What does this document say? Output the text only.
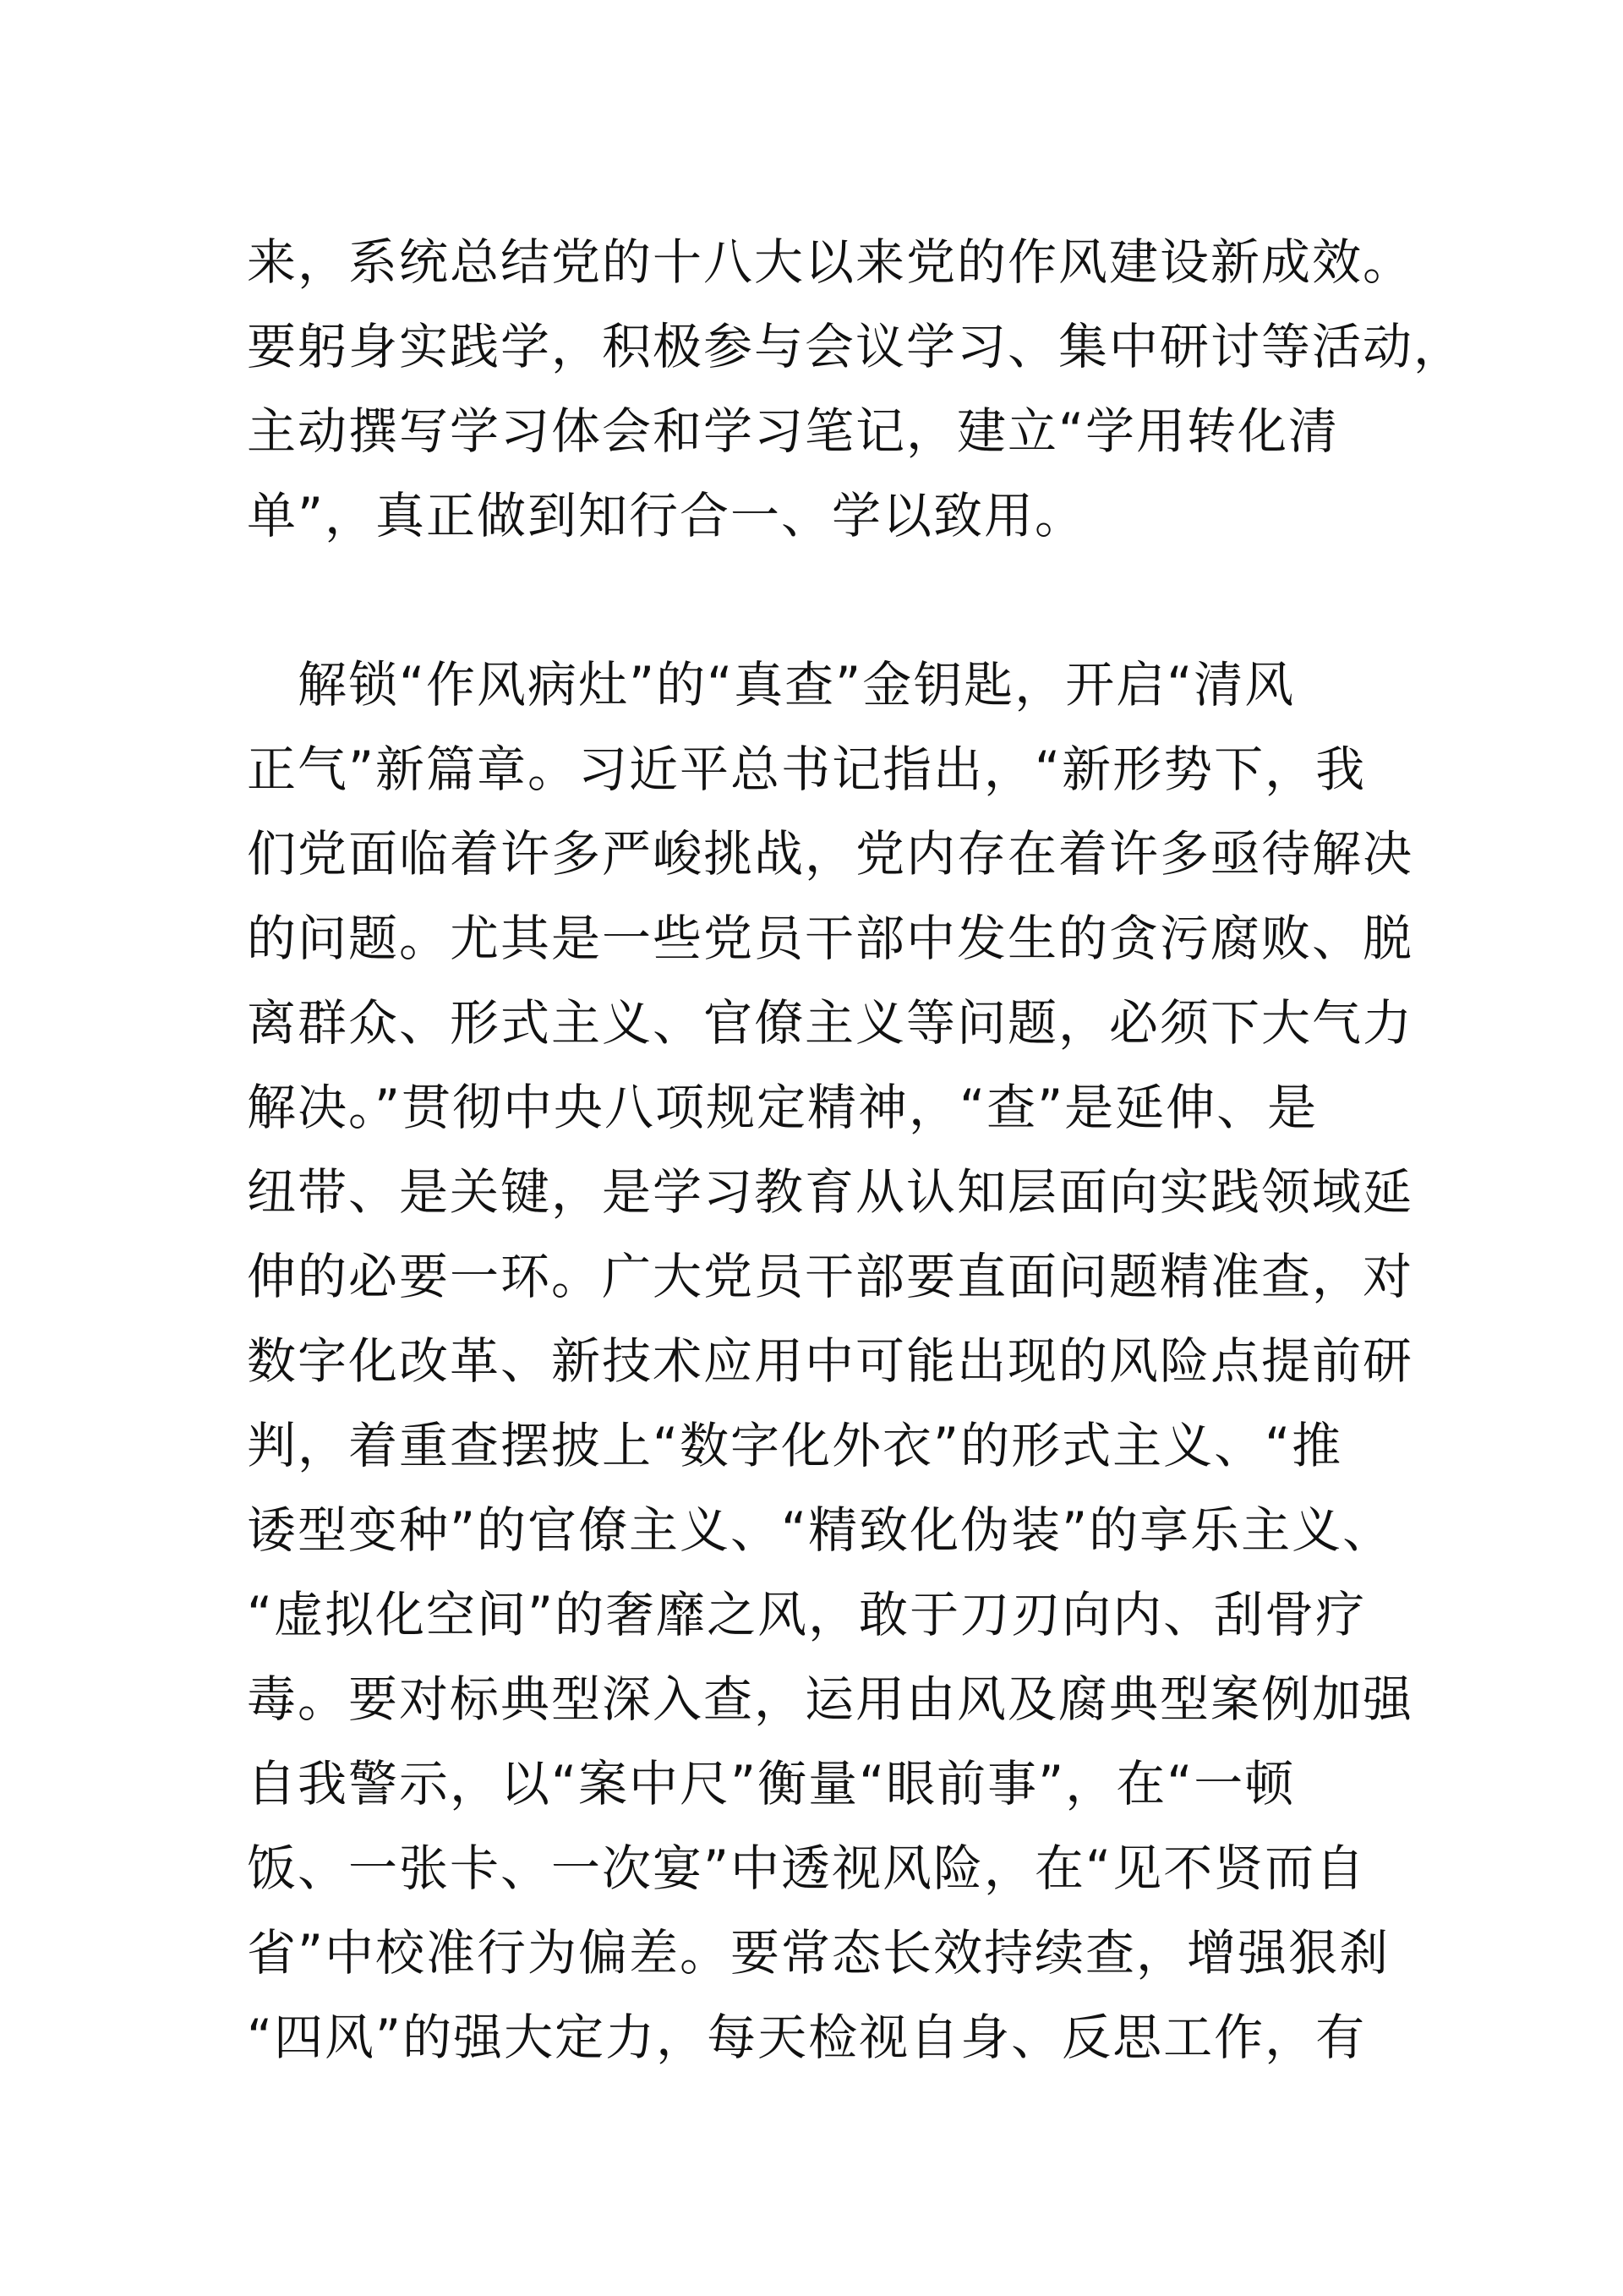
来，系统总结党的十八大以来党的作风建设新成效。
要躬身实践学，积极参与会议学习、集中研讨等活动，
主动撰写学习体会和学习笔记，建立“学用转化清
单”，真正做到知行合一、学以致用。
　解锁“作风病灶”的“真查”金钥匙，开启“清风
正气”新篇章。习近平总书记指出，“新形势下，我
们党面临着许多严峻挑战，党内存在着许多亟待解决
的问题。尤其是一些党员干部中发生的贪污腐败、脱
离群众、形式主义、官僚主义等问题，必须下大气力
解决。”贯彻中央八项规定精神，“查”是延伸、是
纽带、是关键，是学习教育从认知层面向实践领域延
伸的必要一环。广大党员干部要直面问题精准查，对
数字化改革、新技术应用中可能出现的风险点提前研
判，着重查摆披上“数字化外衣”的形式主义、“推
诿型变种”的官僚主义、“精致化伪装”的享乐主义、
“虚拟化空间”的奢靡之风，敢于刀刃向内、刮骨疗
毒。要对标典型深入查，运用由风及腐典型案例加强
自我警示，以“案中尺”衡量“眼前事”，在“一顿
饭、一张卡、一次宴”中透视风险，在“见不贤而自
省”中校准行为偏差。要常态长效持续查，增强狠刹
“四风”的强大定力，每天检视自身、反思工作，有
